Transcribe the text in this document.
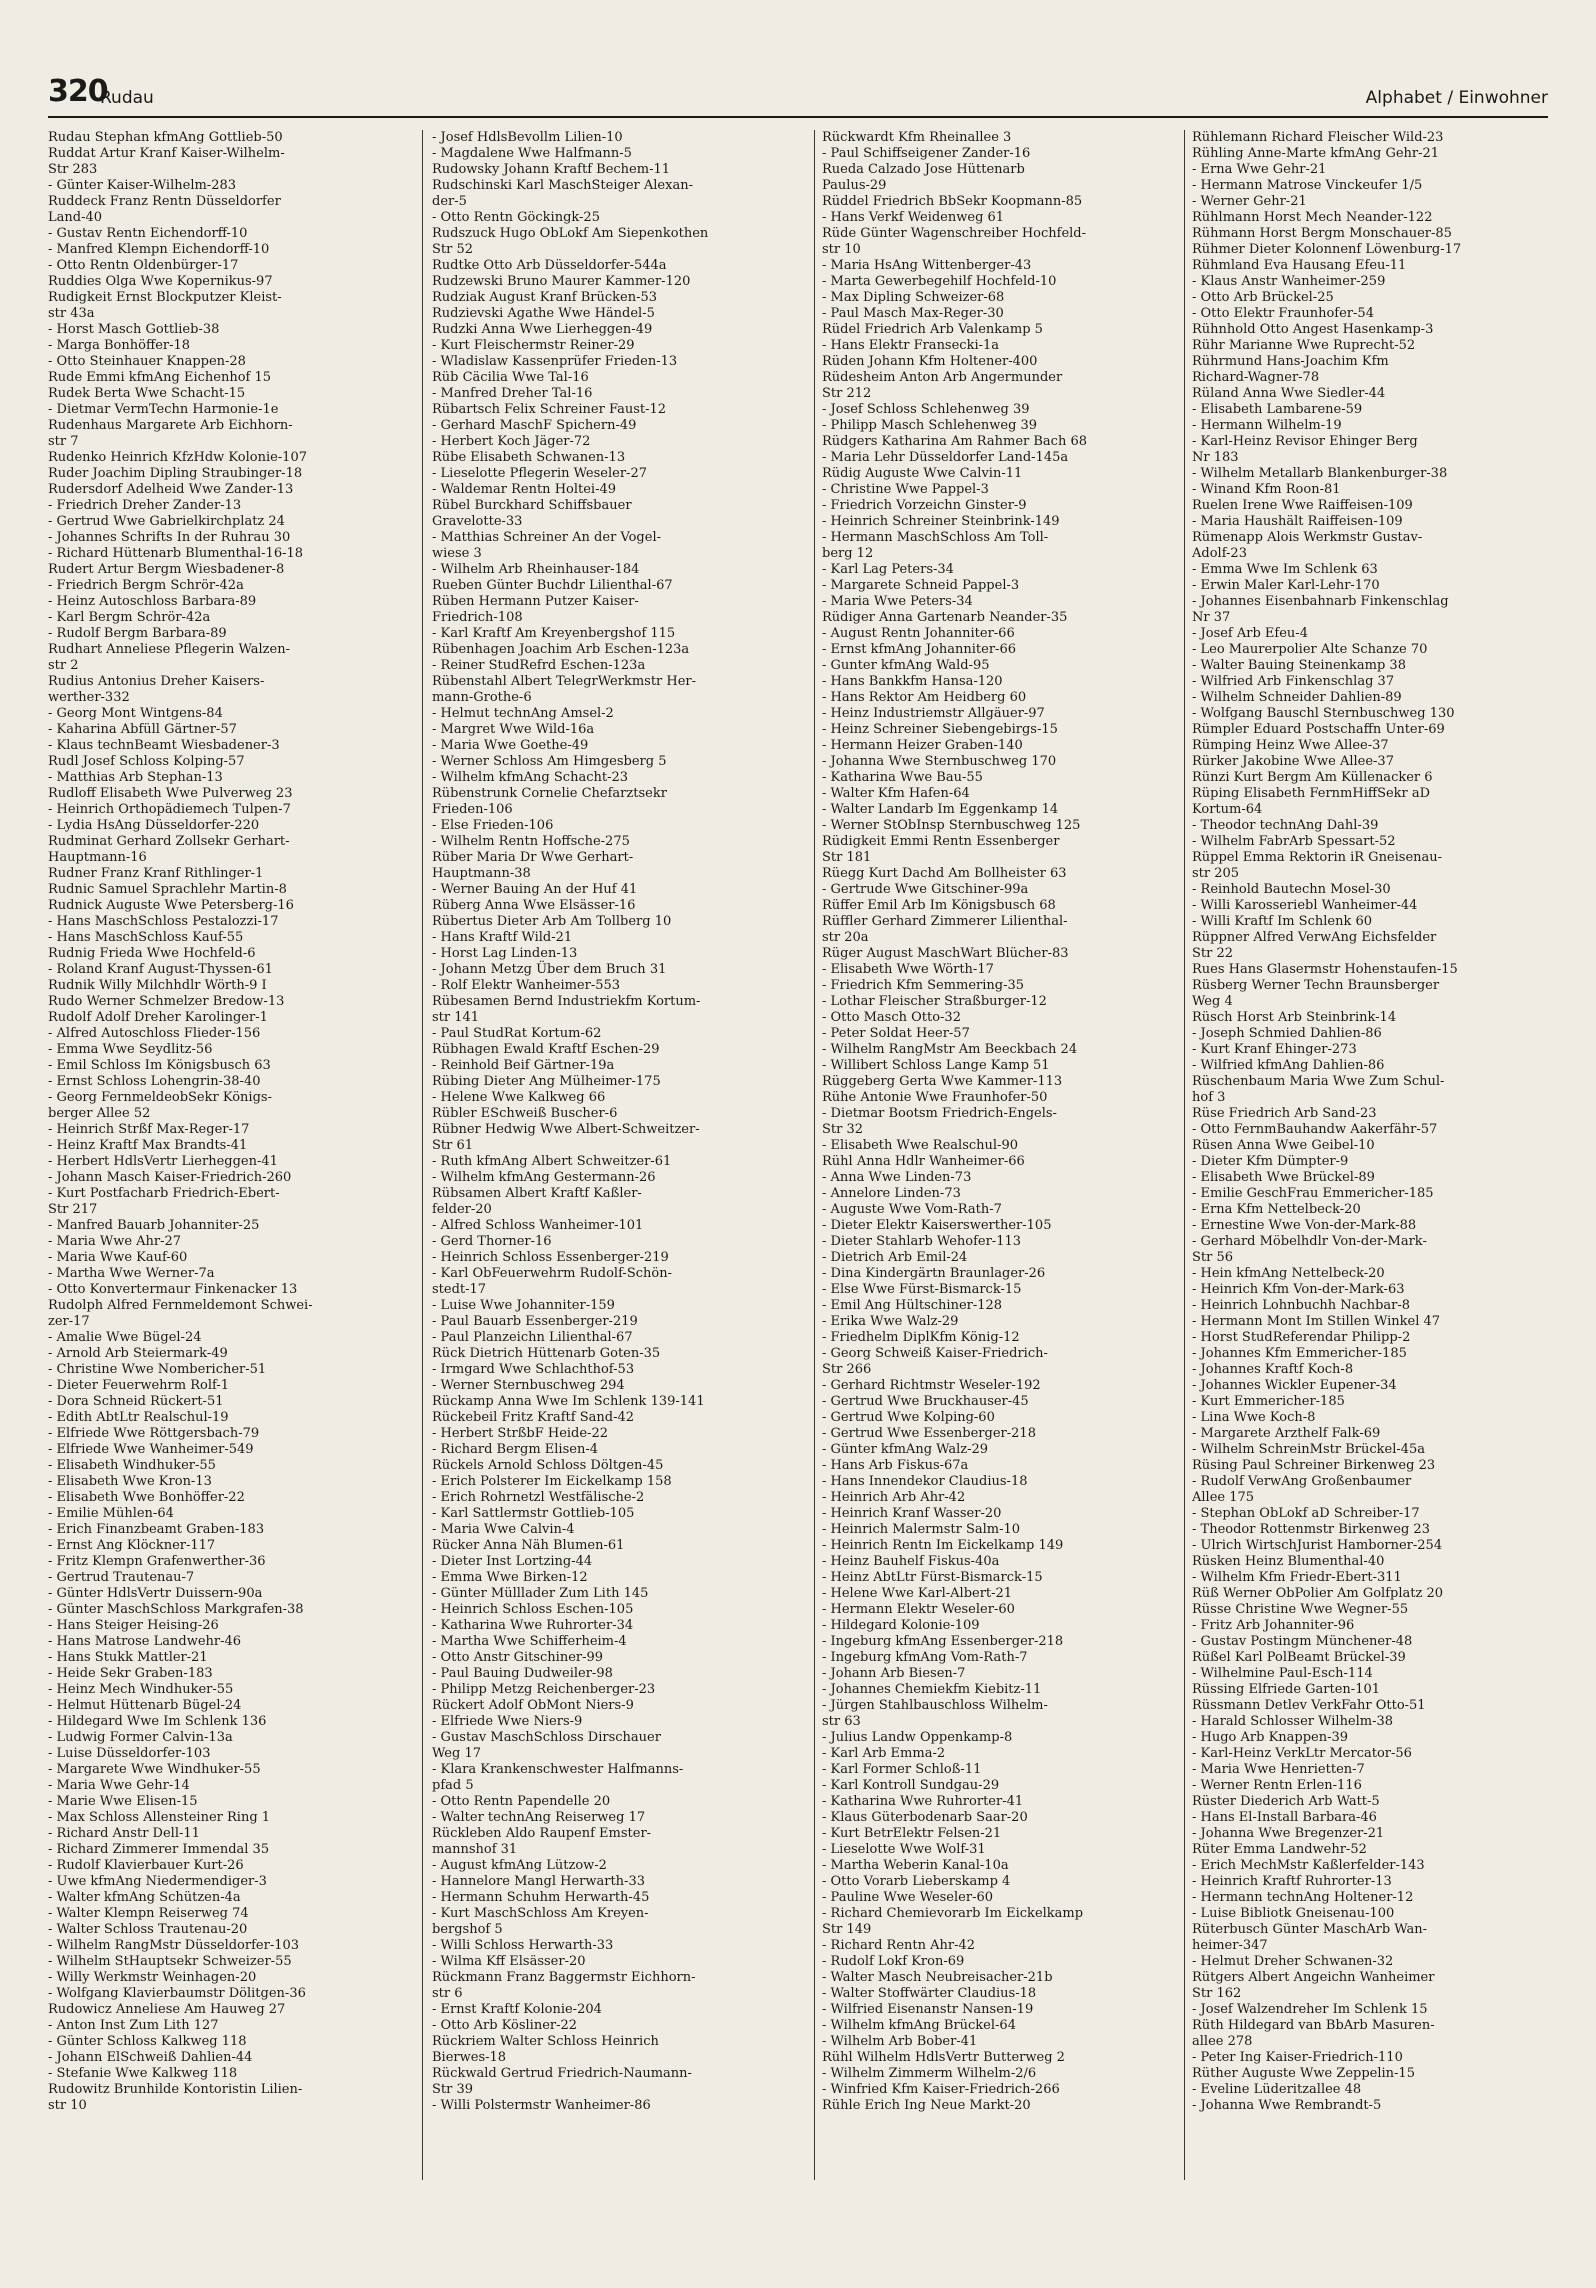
320
Rudau	Alphabet / Einwohner
Rudau Stephan kfmAng Gottlieb-50
Ruddat Artur Kranf Kaiser-Wilhelm-
Str 283
- Günter Kaiser-Wilhelm-283
Ruddeck Franz Rentn Düsseldorfer
Land-40
- Gustav Rentn Eichendorff-10
- Manfred Klempn Eichendorff-10
- Otto Rentn Oldenbürger-17
Ruddies Olga Wwe Kopernikus-97
Rudigkeit Ernst Blockputzer Kleist-
str 43a
- Horst Masch Gottlieb-38
- Marga Bonhöffer-18
- Otto Steinhauer Knappen-28
Rude Emmi kfmAng Eichenhof 15
Rudek Berta Wwe Schacht-15
- Dietmar VermTechn Harmonie-1e
Rudenhaus Margarete Arb Eichhorn-
str 7
Rudenko Heinrich KfzHdw Kolonie-107
Ruder Joachim Dipling Straubinger-18
Rudersdorf Adelheid Wwe Zander-13
- Friedrich Dreher Zander-13
- Gertrud Wwe Gabrielkirchplatz 24
- Johannes Schrifts In der Ruhrau 30
- Richard Hüttenarb Blumenthal-16-18
Rudert Artur Bergm Wiesbadener-8
- Friedrich Bergm Schrör-42a
- Heinz Autoschloss Barbara-89
- Karl Bergm Schrör-42a
- Rudolf Bergm Barbara-89
Rudhart Anneliese Pflegerin Walzen-
str 2
Rudius Antonius Dreher Kaisers-
werther-332
- Georg Mont Wintgens-84
- Kaharina Abfüll Gärtner-57
- Klaus technBeamt Wiesbadener-3
Rudl Josef Schloss Kolping-57
- Matthias Arb Stephan-13
Rudloff Elisabeth Wwe Pulverweg 23
- Heinrich Orthopädiemech Tulpen-7
- Lydia HsAng Düsseldorfer-220
Rudminat Gerhard Zollsekr Gerhart-
Hauptmann-16
Rudner Franz Kranf Rithlinger-1
Rudnic Samuel Sprachlehr Martin-8
Rudnick Auguste Wwe Petersberg-16
- Hans MaschSchloss Pestalozzi-17
- Hans MaschSchloss Kauf-55
Rudnig Frieda Wwe Hochfeld-6
- Roland Kranf August-Thyssen-61
Rudnik Willy Milchhdlr Wörth-9 I
Rudo Werner Schmelzer Bredow-13
Rudolf Adolf Dreher Karolinger-1
- Alfred Autoschloss Flieder-156
- Emma Wwe Seydlitz-56
- Emil Schloss Im Königsbusch 63
- Ernst Schloss Lohengrin-38-40
- Georg FernmeldeobSekr Königs-
berger Allee 52
- Heinrich Strßf Max-Reger-17
- Heinz Kraftf Max Brandts-41
- Herbert HdlsVertr Lierheggen-41
- Johann Masch Kaiser-Friedrich-260
- Kurt Postfacharb Friedrich-Ebert-
Str 217
- Manfred Bauarb Johanniter-25
- Maria Wwe Ahr-27
- Maria Wwe Kauf-60
- Martha Wwe Werner-7a
- Otto Konvertermaur Finkenacker 13
Rudolph Alfred Fernmeldemont Schwei-
zer-17
- Amalie Wwe Bügel-24
- Arnold Arb Steiermark-49
- Christine Wwe Nombericher-51
- Dieter Feuerwehrm Rolf-1
- Dora Schneid Rückert-51
- Edith AbtLtr Realschul-19
- Elfriede Wwe Röttgersbach-79
- Elfriede Wwe Wanheimer-549
- Elisabeth Windhuker-55
- Elisabeth Wwe Kron-13
- Elisabeth Wwe Bonhöffer-22
- Emilie Mühlen-64
- Erich Finanzbeamt Graben-183
- Ernst Ang Klöckner-117
- Fritz Klempn Grafenwerther-36
- Gertrud Trautenau-7
- Günter HdlsVertr Duissern-90a
- Günter MaschSchloss Markgrafen-38
- Hans Steiger Heising-26
- Hans Matrose Landwehr-46
- Hans Stukk Mattler-21
- Heide Sekr Graben-183
- Heinz Mech Windhuker-55
- Helmut Hüttenarb Bügel-24
- Hildegard Wwe Im Schlenk 136
- Ludwig Former Calvin-13a
- Luise Düsseldorfer-103
- Margarete Wwe Windhuker-55
- Maria Wwe Gehr-14
- Marie Wwe Elisen-15
- Max Schloss Allensteiner Ring 1
- Richard Anstr Dell-11
- Richard Zimmerer Immendal 35
- Rudolf Klavierbauer Kurt-26
- Uwe kfmAng Niedermendiger-3
- Walter kfmAng Schützen-4a
- Walter Klempn Reiserweg 74
- Walter Schloss Trautenau-20
- Wilhelm RangMstr Düsseldorfer-103
- Wilhelm StHauptsekr Schweizer-55
- Willy Werkmstr Weinhagen-20
- Wolfgang Klavierbaumstr Dölitgen-36
Rudowicz Anneliese Am Hauweg 27
- Anton Inst Zum Lith 127
- Günter Schloss Kalkweg 118
- Johann ElSchweiß Dahlien-44
- Stefanie Wwe Kalkweg 118
Rudowitz Brunhilde Kontoristin Lilien-
str 10
- Josef HdlsBevollm Lilien-10
- Magdalene Wwe Halfmann-5
Rudowsky Johann Kraftf Bechem-11
Rudschinski Karl MaschSteiger Alexan-
der-5
- Otto Rentn Göckingk-25
Rudszuck Hugo ObLokf Am Siepenkothen
Str 52
Rudtke Otto Arb Düsseldorfer-544a
Rudzewski Bruno Maurer Kammer-120
Rudziak August Kranf Brücken-53
Rudzievski Agathe Wwe Händel-5
Rudzki Anna Wwe Lierheggen-49
- Kurt Fleischermstr Reiner-29
- Wladislaw Kassenprüfer Frieden-13
Rüb Cäcilia Wwe Tal-16
- Manfred Dreher Tal-16
Rübartsch Felix Schreiner Faust-12
- Gerhard MaschF Spichern-49
- Herbert Koch Jäger-72
Rübe Elisabeth Schwanen-13
- Lieselotte Pflegerin Weseler-27
- Waldemar Rentn Holtei-49
Rübel Burckhard Schiffsbauer
Gravelotte-33
- Matthias Schreiner An der Vogel-
wiese 3
- Wilhelm Arb Rheinhauser-184
Rueben Günter Buchdr Lilienthal-67
Rüben Hermann Putzer Kaiser-
Friedrich-108
- Karl Kraftf Am Kreyenbergshof 115
Rübenhagen Joachim Arb Eschen-123a
- Reiner StudRefrd Eschen-123a
Rübenstahl Albert TelegrWerkmstr Her-
mann-Grothe-6
- Helmut technAng Amsel-2
- Margret Wwe Wild-16a
- Maria Wwe Goethe-49
- Werner Schloss Am Himgesberg 5
- Wilhelm kfmAng Schacht-23
Rübenstrunk Cornelie Chefarztsekr
Frieden-106
- Else Frieden-106
- Wilhelm Rentn Hoffsche-275
Rüber Maria Dr Wwe Gerhart-
Hauptmann-38
- Werner Bauing An der Huf 41
Rüberg Anna Wwe Elsässer-16
Rübertus Dieter Arb Am Tollberg 10
- Hans Kraftf Wild-21
- Horst Lag Linden-13
- Johann Metzg Über dem Bruch 31
- Rolf Elektr Wanheimer-553
Rübesamen Bernd Industriekfm Kortum-
str 141
- Paul StudRat Kortum-62
Rübhagen Ewald Kraftf Eschen-29
- Reinhold Beif Gärtner-19a
Rübing Dieter Ang Mülheimer-175
- Helene Wwe Kalkweg 66
Rübler ESchweiß Buscher-6
Rübner Hedwig Wwe Albert-Schweitzer-
Str 61
- Ruth kfmAng Albert Schweitzer-61
- Wilhelm kfmAng Gestermann-26
Rübsamen Albert Kraftf Kaßler-
felder-20
- Alfred Schloss Wanheimer-101
- Gerd Thorner-16
- Heinrich Schloss Essenberger-219
- Karl ObFeuerwehrm Rudolf-Schön-
stedt-17
- Luise Wwe Johanniter-159
- Paul Bauarb Essenberger-219
- Paul Planzeichn Lilienthal-67
Rück Dietrich Hüttenarb Goten-35
- Irmgard Wwe Schlachthof-53
- Werner Sternbuschweg 294
Rückamp Anna Wwe Im Schlenk 139-141
Rückebeil Fritz Kraftf Sand-42
- Herbert StrßbF Heide-22
- Richard Bergm Elisen-4
Rückels Arnold Schloss Döltgen-45
- Erich Polsterer Im Eickelkamp 158
- Erich Rohrnetzl Westfälische-2
- Karl Sattlermstr Gottlieb-105
- Maria Wwe Calvin-4
Rücker Anna Näh Blumen-61
- Dieter Inst Lortzing-44
- Emma Wwe Birken-12
- Günter Mülllader Zum Lith 145
- Heinrich Schloss Eschen-105
- Katharina Wwe Ruhrorter-34
- Martha Wwe Schifferheim-4
- Otto Anstr Gitschiner-99
- Paul Bauing Dudweiler-98
- Philipp Metzg Reichenberger-23
Rückert Adolf ObMont Niers-9
- Elfriede Wwe Niers-9
- Gustav MaschSchloss Dirschauer
Weg 17
- Klara Krankenschwester Halfmanns-
pfad 5
- Otto Rentn Papendelle 20
- Walter technAng Reiserweg 17
Rückleben Aldo Raupenf Emster-
mannshof 31
- August kfmAng Lützow-2
- Hannelore Mangl Herwarth-33
- Hermann Schuhm Herwarth-45
- Kurt MaschSchloss Am Kreyen-
bergshof 5
- Willi Schloss Herwarth-33
- Wilma Kff Elsässer-20
Rückmann Franz Baggermstr Eichhorn-
str 6
- Ernst Kraftf Kolonie-204
- Otto Arb Kösliner-22
Rückriem Walter Schloss Heinrich
Bierwes-18
Rückwald Gertrud Friedrich-Naumann-
Str 39
- Willi Polstermstr Wanheimer-86
Rückwardt Kfm Rheinallee 3
- Paul Schiffseigener Zander-16
Rueda Calzado Jose Hüttenarb
Paulus-29
Rüddel Friedrich BbSekr Koopmann-85
- Hans Verkf Weidenweg 61
Rüde Günter Wagenschreiber Hochfeld-
str 10
- Maria HsAng Wittenberger-43
- Marta Gewerbegehilf Hochfeld-10
- Max Dipling Schweizer-68
- Paul Masch Max-Reger-30
Rüdel Friedrich Arb Valenkamp 5
- Hans Elektr Fransecki-1a
Rüden Johann Kfm Holtener-400
Rüdesheim Anton Arb Angermunder
Str 212
- Josef Schloss Schlehenweg 39
- Philipp Masch Schlehenweg 39
Rüdgers Katharina Am Rahmer Bach 68
- Maria Lehr Düsseldorfer Land-145a
Rüdig Auguste Wwe Calvin-11
- Christine Wwe Pappel-3
- Friedrich Vorzeichn Ginster-9
- Heinrich Schreiner Steinbrink-149
- Hermann MaschSchloss Am Toll-
berg 12
- Karl Lag Peters-34
- Margarete Schneid Pappel-3
- Maria Wwe Peters-34
Rüdiger Anna Gartenarb Neander-35
- August Rentn Johanniter-66
- Ernst kfmAng Johanniter-66
- Gunter kfmAng Wald-95
- Hans Bankkfm Hansa-120
- Hans Rektor Am Heidberg 60
- Heinz Industriemstr Allgäuer-97
- Heinz Schreiner Siebengebirgs-15
- Hermann Heizer Graben-140
- Johanna Wwe Sternbuschweg 170
- Katharina Wwe Bau-55
- Walter Kfm Hafen-64
- Walter Landarb Im Eggenkamp 14
- Werner StObInsp Sternbuschweg 125
Rüdigkeit Emmi Rentn Essenberger
Str 181
Rüegg Kurt Dachd Am Bollheister 63
- Gertrude Wwe Gitschiner-99a
Rüffer Emil Arb Im Königsbusch 68
Rüffler Gerhard Zimmerer Lilienthal-
str 20a
Rüger August MaschWart Blücher-83
- Elisabeth Wwe Wörth-17
- Friedrich Kfm Semmering-35
- Lothar Fleischer Straßburger-12
- Otto Masch Otto-32
- Peter Soldat Heer-57
- Wilhelm RangMstr Am Beeckbach 24
- Willibert Schloss Lange Kamp 51
Rüggeberg Gerta Wwe Kammer-113
Rühe Antonie Wwe Fraunhofer-50
- Dietmar Bootsm Friedrich-Engels-
Str 32
- Elisabeth Wwe Realschul-90
Rühl Anna Hdlr Wanheimer-66
- Anna Wwe Linden-73
- Annelore Linden-73
- Auguste Wwe Vom-Rath-7
- Dieter Elektr Kaiserswerther-105
- Dieter Stahlarb Wehofer-113
- Dietrich Arb Emil-24
- Dina Kindergärtn Braunlager-26
- Else Wwe Fürst-Bismarck-15
- Emil Ang Hültschiner-128
- Erika Wwe Walz-29
- Friedhelm DiplKfm König-12
- Georg Schweiß Kaiser-Friedrich-
Str 266
- Gerhard Richtmstr Weseler-192
- Gertrud Wwe Bruckhauser-45
- Gertrud Wwe Kolping-60
- Gertrud Wwe Essenberger-218
- Günter kfmAng Walz-29
- Hans Arb Fiskus-67a
- Hans Innendekor Claudius-18
- Heinrich Arb Ahr-42
- Heinrich Kranf Wasser-20
- Heinrich Malermstr Salm-10
- Heinrich Rentn Im Eickelkamp 149
- Heinz Bauhelf Fiskus-40a
- Heinz AbtLtr Fürst-Bismarck-15
- Helene Wwe Karl-Albert-21
- Hermann Elektr Weseler-60
- Hildegard Kolonie-109
- Ingeburg kfmAng Essenberger-218
- Ingeburg kfmAng Vom-Rath-7
- Johann Arb Biesen-7
- Johannes Chemiekfm Kiebitz-11
- Jürgen Stahlbauschloss Wilhelm-
str 63
- Julius Landw Oppenkamp-8
- Karl Arb Emma-2
- Karl Former Schloß-11
- Karl Kontroll Sundgau-29
- Katharina Wwe Ruhrorter-41
- Klaus Güterbodenarb Saar-20
- Kurt BetrElektr Felsen-21
- Lieselotte Wwe Wolf-31
- Martha Weberin Kanal-10a
- Otto Vorarb Lieberskamp 4
- Pauline Wwe Weseler-60
- Richard Chemievorarb Im Eickelkamp
Str 149
- Richard Rentn Ahr-42
- Rudolf Lokf Kron-69
- Walter Masch Neubreisacher-21b
- Walter Stoffwärter Claudius-18
- Wilfried Eisenanstr Nansen-19
- Wilhelm kfmAng Brückel-64
- Wilhelm Arb Bober-41
Rühl Wilhelm HdlsVertr Butterweg 2
- Wilhelm Zimmerm Wilhelm-2/6
- Winfried Kfm Kaiser-Friedrich-266
Rühle Erich Ing Neue Markt-20
Rühlemann Richard Fleischer Wild-23
Rühling Anne-Marte kfmAng Gehr-21
- Erna Wwe Gehr-21
- Hermann Matrose Vinckeufer 1/5
- Werner Gehr-21
Rühlmann Horst Mech Neander-122
Rühmann Horst Bergm Monschauer-85
Rühmer Dieter Kolonnenf Löwenburg-17
Rühmland Eva Hausang Efeu-11
- Klaus Anstr Wanheimer-259
- Otto Arb Brückel-25
- Otto Elektr Fraunhofer-54
Rühnhold Otto Angest Hasenkamp-3
Rühr Marianne Wwe Ruprecht-52
Rührmund Hans-Joachim Kfm
Richard-Wagner-78
Rüland Anna Wwe Siedler-44
- Elisabeth Lambarene-59
- Hermann Wilhelm-19
- Karl-Heinz Revisor Ehinger Berg
Nr 183
- Wilhelm Metallarb Blankenburger-38
- Winand Kfm Roon-81
Ruelen Irene Wwe Raiffeisen-109
- Maria Haushält Raiffeisen-109
Rümenapp Alois Werkmstr Gustav-
Adolf-23
- Emma Wwe Im Schlenk 63
- Erwin Maler Karl-Lehr-170
- Johannes Eisenbahnarb Finkenschlag
Nr 37
- Josef Arb Efeu-4
- Leo Maurerpolier Alte Schanze 70
- Walter Bauing Steinenkamp 38
- Wilfried Arb Finkenschlag 37
- Wilhelm Schneider Dahlien-89
- Wolfgang Bauschl Sternbuschweg 130
Rümpler Eduard Postschaffn Unter-69
Rümping Heinz Wwe Allee-37
Rürker Jakobine Wwe Allee-37
Rünzi Kurt Bergm Am Küllenacker 6
Rüping Elisabeth FernmHiffSekr aD
Kortum-64
- Theodor technAng Dahl-39
- Wilhelm FabrArb Spessart-52
Rüppel Emma Rektorin iR Gneisenau-
str 205
- Reinhold Bautechn Mosel-30
- Willi Karosseriebl Wanheimer-44
- Willi Kraftf Im Schlenk 60
Rüppner Alfred VerwAng Eichsfelder
Str 22
Rues Hans Glasermstr Hohenstaufen-15
Rüsberg Werner Techn Braunsberger
Weg 4
Rüsch Horst Arb Steinbrink-14
- Joseph Schmied Dahlien-86
- Kurt Kranf Ehinger-273
- Wilfried kfmAng Dahlien-86
Rüschenbaum Maria Wwe Zum Schul-
hof 3
Rüse Friedrich Arb Sand-23
- Otto FernmBauhandw Aakerfähr-57
Rüsen Anna Wwe Geibel-10
- Dieter Kfm Dümpter-9
- Elisabeth Wwe Brückel-89
- Emilie GeschFrau Emmericher-185
- Erna Kfm Nettelbeck-20
- Ernestine Wwe Von-der-Mark-88
- Gerhard Möbelhdlr Von-der-Mark-
Str 56
- Hein kfmAng Nettelbeck-20
- Heinrich Kfm Von-der-Mark-63
- Heinrich Lohnbuchh Nachbar-8
- Hermann Mont Im Stillen Winkel 47
- Horst StudReferendar Philipp-2
- Johannes Kfm Emmericher-185
- Johannes Kraftf Koch-8
- Johannes Wickler Eupener-34
- Kurt Emmericher-185
- Lina Wwe Koch-8
- Margarete Arzthelf Falk-69
- Wilhelm SchreinMstr Brückel-45a
Rüsing Paul Schreiner Birkenweg 23
- Rudolf VerwAng Großenbaumer
Allee 175
- Stephan ObLokf aD Schreiber-17
- Theodor Rottenmstr Birkenweg 23
- Ulrich WirtschJurist Hamborner-254
Rüsken Heinz Blumenthal-40
- Wilhelm Kfm Friedr-Ebert-311
Rüß Werner ObPolier Am Golfplatz 20
Rüsse Christine Wwe Wegner-55
- Fritz Arb Johanniter-96
- Gustav Postingm Münchener-48
Rüßel Karl PolBeamt Brückel-39
- Wilhelmine Paul-Esch-114
Rüssing Elfriede Garten-101
Rüssmann Detlev VerkFahr Otto-51
- Harald Schlosser Wilhelm-38
- Hugo Arb Knappen-39
- Karl-Heinz VerkLtr Mercator-56
- Maria Wwe Henrietten-7
- Werner Rentn Erlen-116
Rüster Diederich Arb Watt-5
- Hans El-Install Barbara-46
- Johanna Wwe Bregenzer-21
Rüter Emma Landwehr-52
- Erich MechMstr Kaßlerfelder-143
- Heinrich Kraftf Ruhrorter-13
- Hermann technAng Holtener-12
- Luise Bibliotk Gneisenau-100
Rüterbusch Günter MaschArb Wan-
heimer-347
- Helmut Dreher Schwanen-32
Rütgers Albert Angeichn Wanheimer
Str 162
- Josef Walzendreher Im Schlenk 15
Rüth Hildegard van BbArb Masuren-
allee 278
- Peter Ing Kaiser-Friedrich-110
Rüther Auguste Wwe Zeppelin-15
- Eveline Lüderitzallee 48
- Johanna Wwe Rembrandt-5
